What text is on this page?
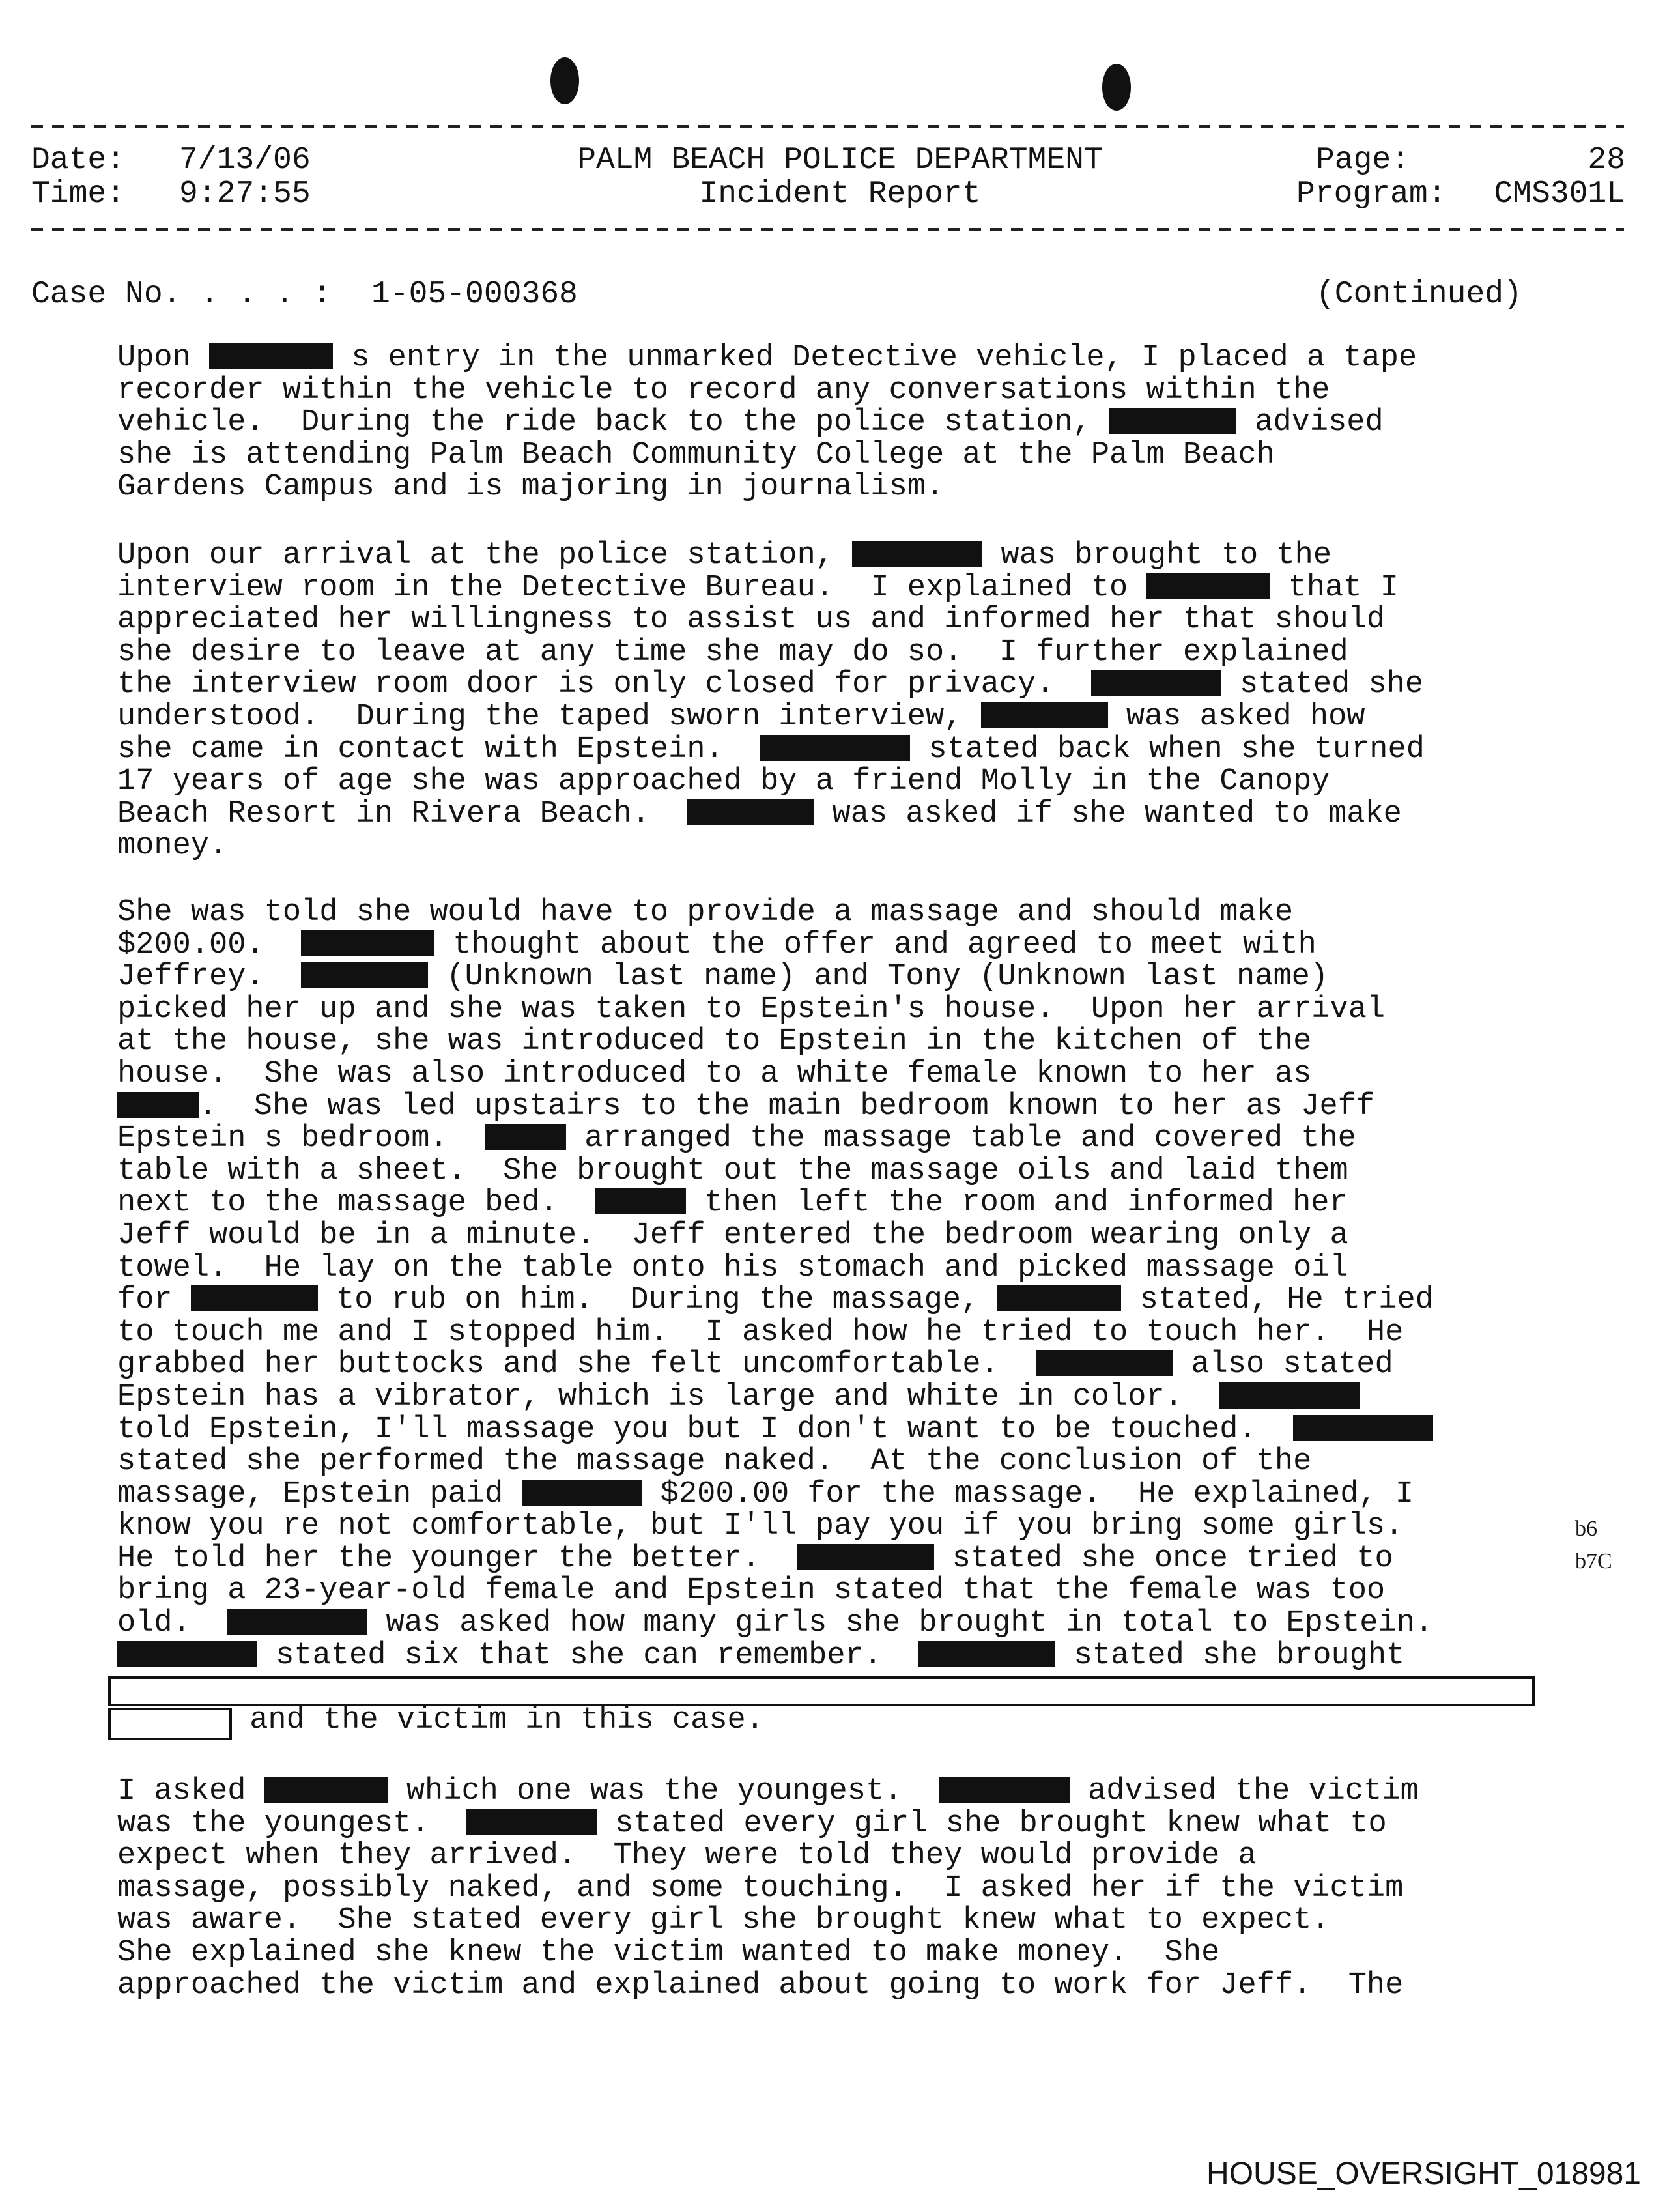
Date: 7/13/06
Time: 9:27:55
PALM BEACH POLICE DEPARTMENT
Incident Report
Page:	28
Program:	CMS301L
Case No. . . . : 1-05-000368	(Continued)
Upon	s entry in the unmarked Detective vehicle, I placed a tape
recorder within the vehicle to record any conversations within the
vehicle.  During the ride back to the police station,	advised
she is attending Palm Beach Community College at the Palm Beach
Gardens Campus and is majoring in journalism.
Upon our arrival at the police station,	was brought to the
interview room in the Detective Bureau.  I explained to	that I
appreciated her willingness to assist us and informed her that should
she desire to leave at any time she may do so.  I further explained
the interview room door is only closed for privacy.	stated she
understood.  During the taped sworn interview,	was asked how
she came in contact with Epstein.	stated back when she turned
17 years of age she was approached by a friend Molly in the Canopy
Beach Resort in Rivera Beach.	was asked if she wanted to make
money.
She was told she would have to provide a massage and should make
$200.00.	thought about the offer and agreed to meet with
Jeffrey.	(Unknown last name) and Tony (Unknown last name)
picked her up and she was taken to Epstein's house.  Upon her arrival
at the house, she was introduced to Epstein in the kitchen of the
house.  She was also introduced to a white female known to her as
.  She was led upstairs to the main bedroom known to her as Jeff
Epstein s bedroom.	arranged the massage table and covered the
table with a sheet.  She brought out the massage oils and laid them
next to the massage bed.	then left the room and informed her
Jeff would be in a minute.  Jeff entered the bedroom wearing only a
towel.  He lay on the table onto his stomach and picked massage oil
for	to rub on him.  During the massage,	stated, He tried
to touch me and I stopped him.  I asked how he tried to touch her.  He
grabbed her buttocks and she felt uncomfortable.	also stated
Epstein has a vibrator, which is large and white in color.
told Epstein, I'll massage you but I don't want to be touched.
stated she performed the massage naked.  At the conclusion of the
massage, Epstein paid	$200.00 for the massage.  He explained, I
know you re not comfortable, but I'll pay you if you bring some girls.
He told her the younger the better.	stated she once tried to
bring a 23-year-old female and Epstein stated that the female was too
old.	was asked how many girls she brought in total to Epstein.
stated six that she can remember.	stated she brought
and the victim in this case.
I asked	which one was the youngest.	advised the victim
was the youngest.	stated every girl she brought knew what to
expect when they arrived.  They were told they would provide a
massage, possibly naked, and some touching.  I asked her if the victim
was aware.  She stated every girl she brought knew what to expect.
She explained she knew the victim wanted to make money.  She
approached the victim and explained about going to work for Jeff.  The
b6
b7C
HOUSE_OVERSIGHT_018981
